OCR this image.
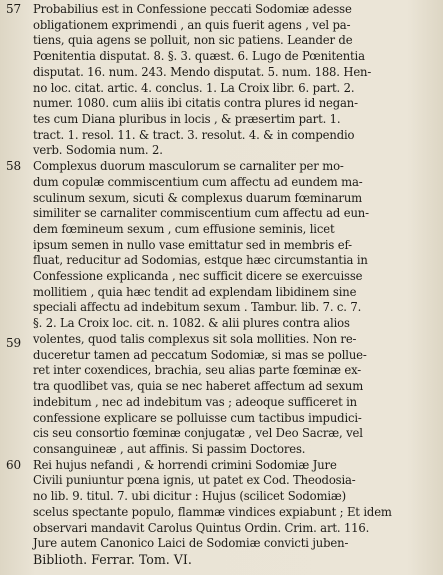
57	Probabilius est in Confessione peccati Sodomiæ adesse
obligationem exprimendi , an quis fuerit agens , vel pa-
tiens, quia agens se polluit, non sic patiens. Leander de
Pœnitentia disputat. 8. §. 3. quæst. 6. Lugo de Pœnitentia
disputat. 16. num. 243. Mendo disputat. 5. num. 188. Hen-
no loc. citat. artic. 4. conclus. 1. La Croix libr. 6. part. 2.
numer. 1080. cum aliis ibi citatis contra plures id negan-
tes cum Diana pluribus in locis , & præsertim part. 1.
tract. 1. resol. 11. & tract. 3. resolut. 4. & in compendio
verb. Sodomia num. 2.
58	Complexus duorum masculorum se carnaliter per mo-
dum copulæ commiscentium cum affectu ad eundem ma-
sculinum sexum, sicuti & complexus duarum fœminarum
similiter se carnaliter commiscentium cum affectu ad eun-
dem fœmineum sexum , cum effusione seminis, licet
ipsum semen in nullo vase emittatur sed in membris ef-
fluat, reducitur ad Sodomias, estque hæc circumstantia in
Confessione explicanda , nec sufficit dicere se exercuisse
mollitiem , quia hæc tendit ad explendam libidinem sine
speciali affectu ad indebitum sexum . Tambur. lib. 7. c. 7.
§. 2. La Croix loc. cit. n. 1082. & alii plures contra alios
59	volentes, quod talis complexus sit sola mollities. Non re-
duceretur tamen ad peccatum Sodomiæ, si mas se pollue-
ret inter coxendices, brachia, seu alias parte fœminæ ex-
tra quodlibet vas, quia se nec haberet affectum ad sexum
indebitum , nec ad indebitum vas ; adeoque sufficeret in
confessione explicare se polluisse cum tactibus impudici-
cis seu consortio fœminæ conjugatæ , vel Deo Sacræ, vel
consanguineæ , aut affinis. Si passim Doctores.
60	Rei hujus nefandi , & horrendi crimini Sodomiæ Jure
Civili puniuntur pœna ignis, ut patet ex Cod. Theodosia-
no lib. 9. titul. 7. ubi dicitur : Hujus (scilicet Sodomiæ)
scelus spectante populo, flammæ vindices expiabunt ; Et idem
observari mandavit Carolus Quintus Ordin. Crim. art. 116.
Jure autem Canonico Laici de Sodomiæ convicti juben-
Biblioth. Ferrar. Tom. VI.
